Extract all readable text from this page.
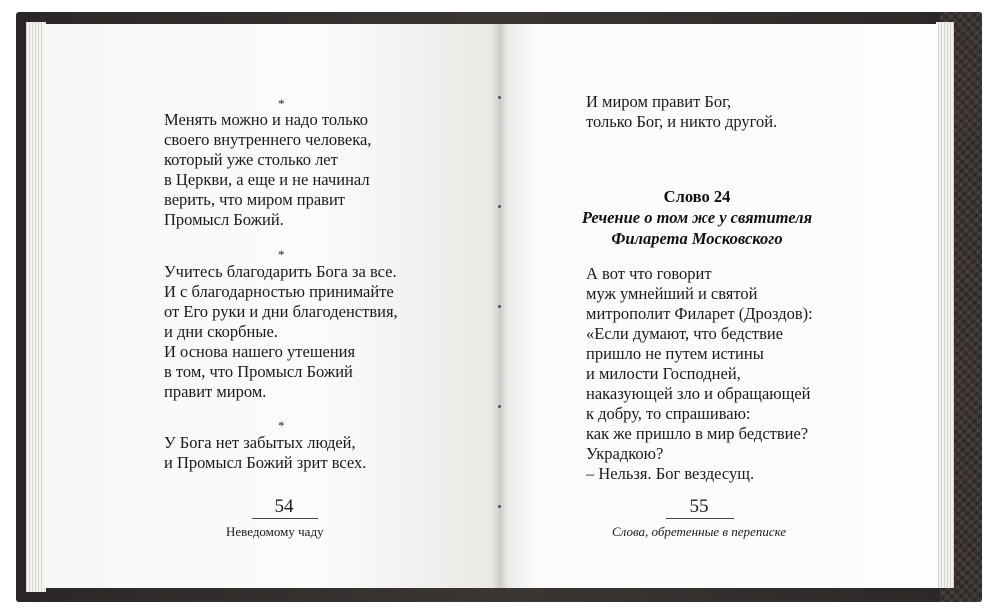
*
Менять можно и надо только
своего внутреннего человека,
который уже столько лет
в Церкви, а еще и не начинал
верить, что миром правит
Промысл Божий.
*
Учитесь благодарить Бога за все.
И с благодарностью принимайте
от Его руки и дни благоденствия,
и дни скорбные.
И основа нашего утешения
в том, что Промысл Божий
правит миром.
*
У Бога нет забытых людей,
и Промысл Божий зрит всех.
54
Неведомому чаду
И миром правит Бог,
только Бог, и никто другой.
Слово 24
Речение о том же у святителя
Филарета Московского
А вот что говорит
муж умнейший и святой
митрополит Филарет (Дроздов):
«Если думают, что бедствие
пришло не путем истины
и милости Господней,
наказующей зло и обращающей
к добру, то спрашиваю:
как же пришло в мир бедствие?
Украдкою?
– Нельзя. Бог вездесущ.
55
Слова, обретенные в переписке
